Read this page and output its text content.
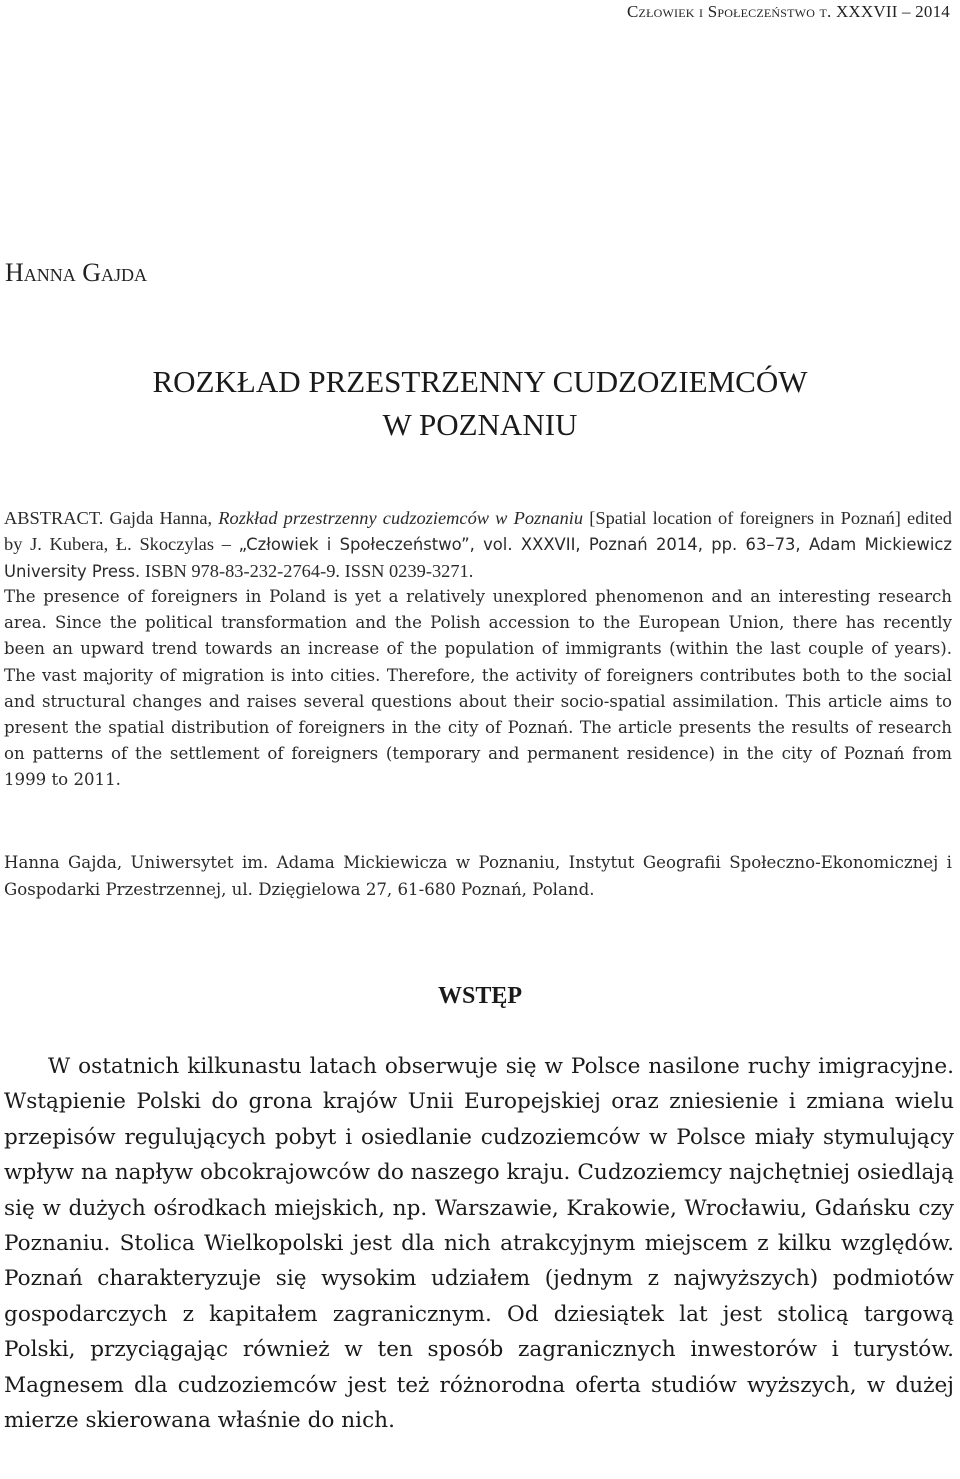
Człowiek i Społeczeństwo t. XXXVII – 2014
Hanna Gajda
ROZKŁAD PRZESTRZENNY CUDZOZIEMCÓW
W POZNANIU
ABSTRACT. Gajda Hanna, Rozkład przestrzenny cudzoziemców w Poznaniu [Spatial location of foreigners in Poznań] edited by J. Kubera, Ł. Skoczylas – „Człowiek i Społeczeństwo”, vol. XXXVII, Poznań 2014, pp. 63–73, Adam Mickiewicz University Press. ISBN 978-83-232-2764-9. ISSN 0239-3271.
The presence of foreigners in Poland is yet a relatively unexplored phenomenon and an interesting research area. Since the political transformation and the Polish accession to the European Union, there has recently been an upward trend towards an increase of the population of immigrants (within the last couple of years). The vast majority of migration is into cities. Therefore, the activity of foreigners contributes both to the social and structural changes and raises several questions about their socio-spatial assimilation. This article aims to present the spatial distribution of foreigners in the city of Poznań. The article presents the results of research on patterns of the settlement of foreigners (temporary and permanent residence) in the city of Poznań from 1999 to 2011.
Hanna Gajda, Uniwersytet im. Adama Mickiewicza w Poznaniu, Instytut Geografii Społeczno-Ekonomicznej i Gospodarki Przestrzennej, ul. Dzięgielowa 27, 61-680 Poznań, Poland.
WSTĘP
W ostatnich kilkunastu latach obserwuje się w Polsce nasilone ruchy imigracyjne. Wstąpienie Polski do grona krajów Unii Europejskiej oraz zniesienie i zmiana wielu przepisów regulujących pobyt i osiedlanie cudzoziemców w Polsce miały stymulujący wpływ na napływ obcokrajowców do naszego kraju. Cudzoziemcy najchętniej osiedlają się w dużych ośrodkach miejskich, np. Warszawie, Krakowie, Wrocławiu, Gdańsku czy Poznaniu. Stolica Wielkopolski jest dla nich atrakcyjnym miejscem z kilku względów. Poznań charakteryzuje się wysokim udziałem (jednym z najwyższych) podmiotów gospodarczych z kapitałem zagranicznym. Od dziesiątek lat jest stolicą targową Polski, przyciągając również w ten sposób zagranicznych inwestorów i turystów. Magnesem dla cudzoziemców jest też różnorodna oferta studiów wyższych, w dużej mierze skierowana właśnie do nich.
